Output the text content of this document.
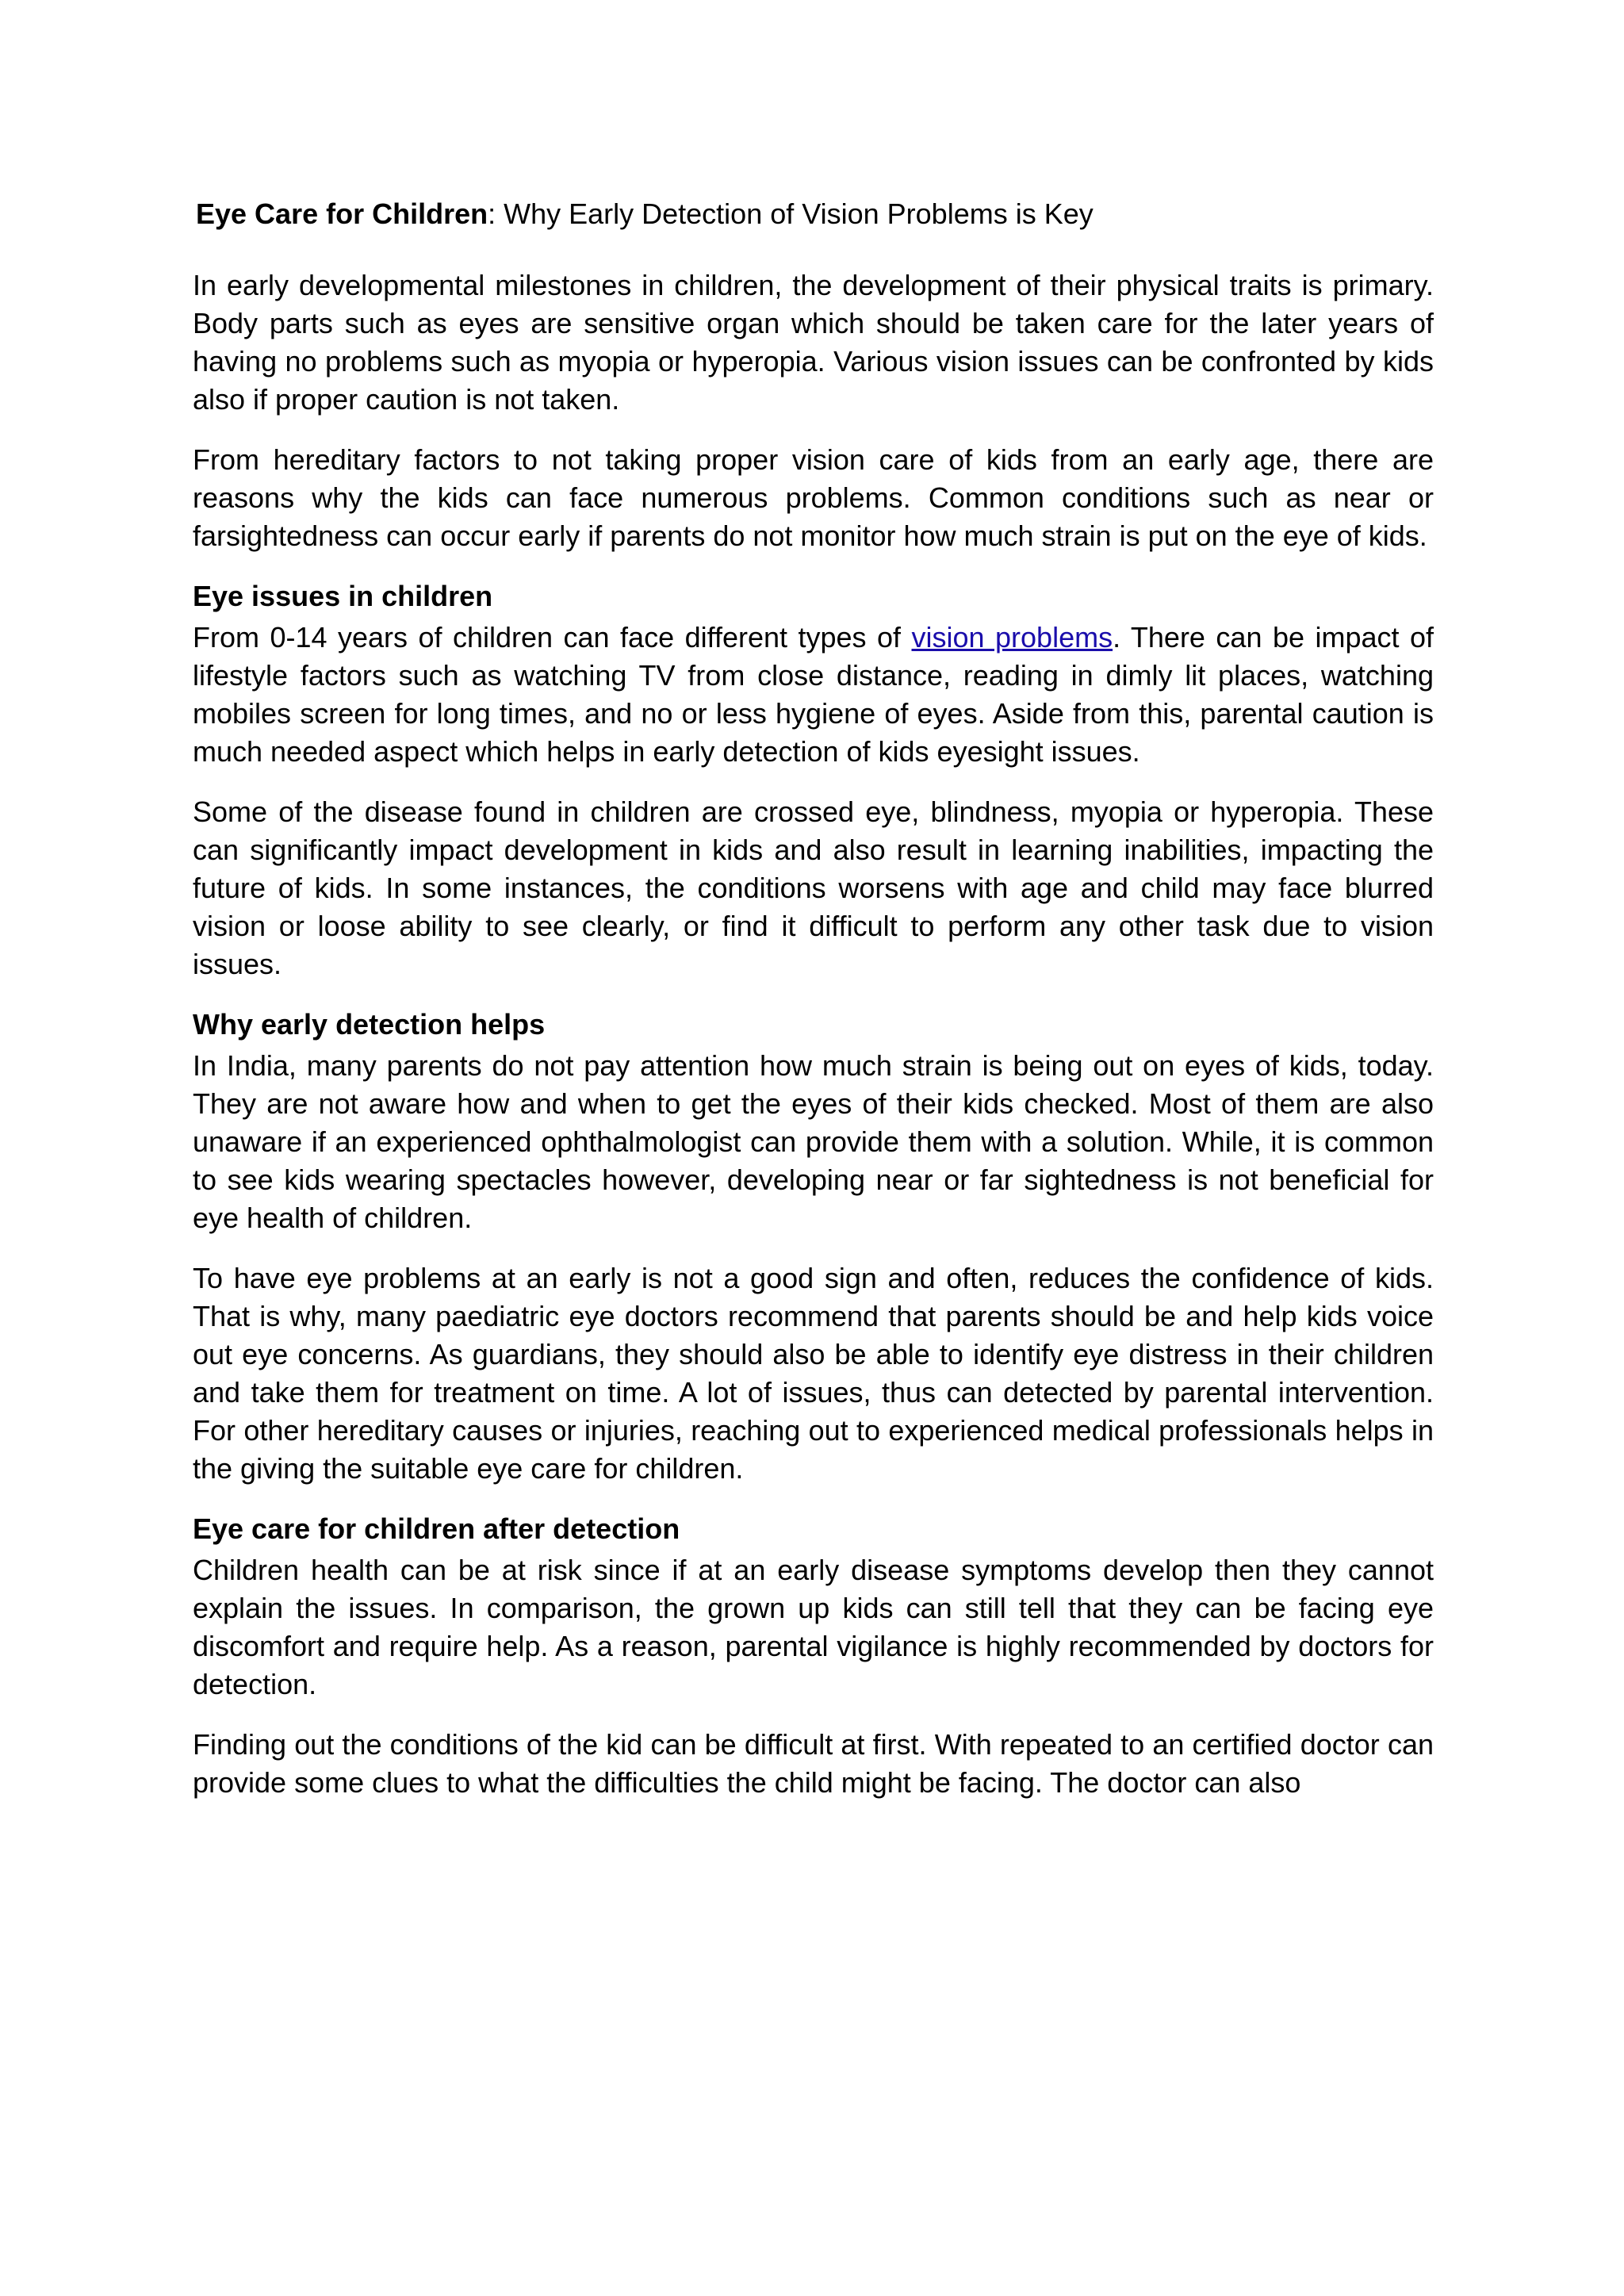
Eye Care for Children: Why Early Detection of Vision Problems is Key

In early developmental milestones in children, the development of their physical traits is primary. Body parts such as eyes are sensitive organ which should be taken care for the later years of having no problems such as myopia or hyperopia. Various vision issues can be confronted by kids also if proper caution is not taken.

From hereditary factors to not taking proper vision care of kids from an early age, there are reasons why the kids can face numerous problems. Common conditions such as near or farsightedness can occur early if parents do not monitor how much strain is put on the eye of kids.

Eye issues in children

From 0-14 years of children can face different types of vision problems. There can be impact of lifestyle factors such as watching TV from close distance, reading in dimly lit places, watching mobiles screen for long times, and no or less hygiene of eyes. Aside from this, parental caution is much needed aspect which helps in early detection of kids eyesight issues.

Some of the disease found in children are crossed eye, blindness, myopia or hyperopia. These can significantly impact development in kids and also result in learning inabilities, impacting the future of kids. In some instances, the conditions worsens with age and child may face blurred vision or loose ability to see clearly, or find it difficult to perform any other task due to vision issues.

Why early detection helps

In India, many parents do not pay attention how much strain is being out on eyes of kids, today. They are not aware how and when to get the eyes of their kids checked. Most of them are also unaware if an experienced ophthalmologist can provide them with a solution. While, it is common to see kids wearing spectacles however, developing near or far sightedness is not beneficial for eye health of children.

To have eye problems at an early is not a good sign and often, reduces the confidence of kids. That is why, many paediatric eye doctors recommend that parents should be and help kids voice out eye concerns. As guardians, they should also be able to identify eye distress in their children and take them for treatment on time. A lot of issues, thus can detected by parental intervention. For other hereditary causes or injuries, reaching out to experienced medical professionals helps in the giving the suitable eye care for children.

Eye care for children after detection

Children health can be at risk since if at an early disease symptoms develop then they cannot explain the issues. In comparison, the grown up kids can still tell that they can be facing eye discomfort and require help. As a reason, parental vigilance is highly recommended by doctors for detection.

Finding out the conditions of the kid can be difficult at first. With repeated to an certified doctor can provide some clues to what the difficulties the child might be facing. The doctor can also
